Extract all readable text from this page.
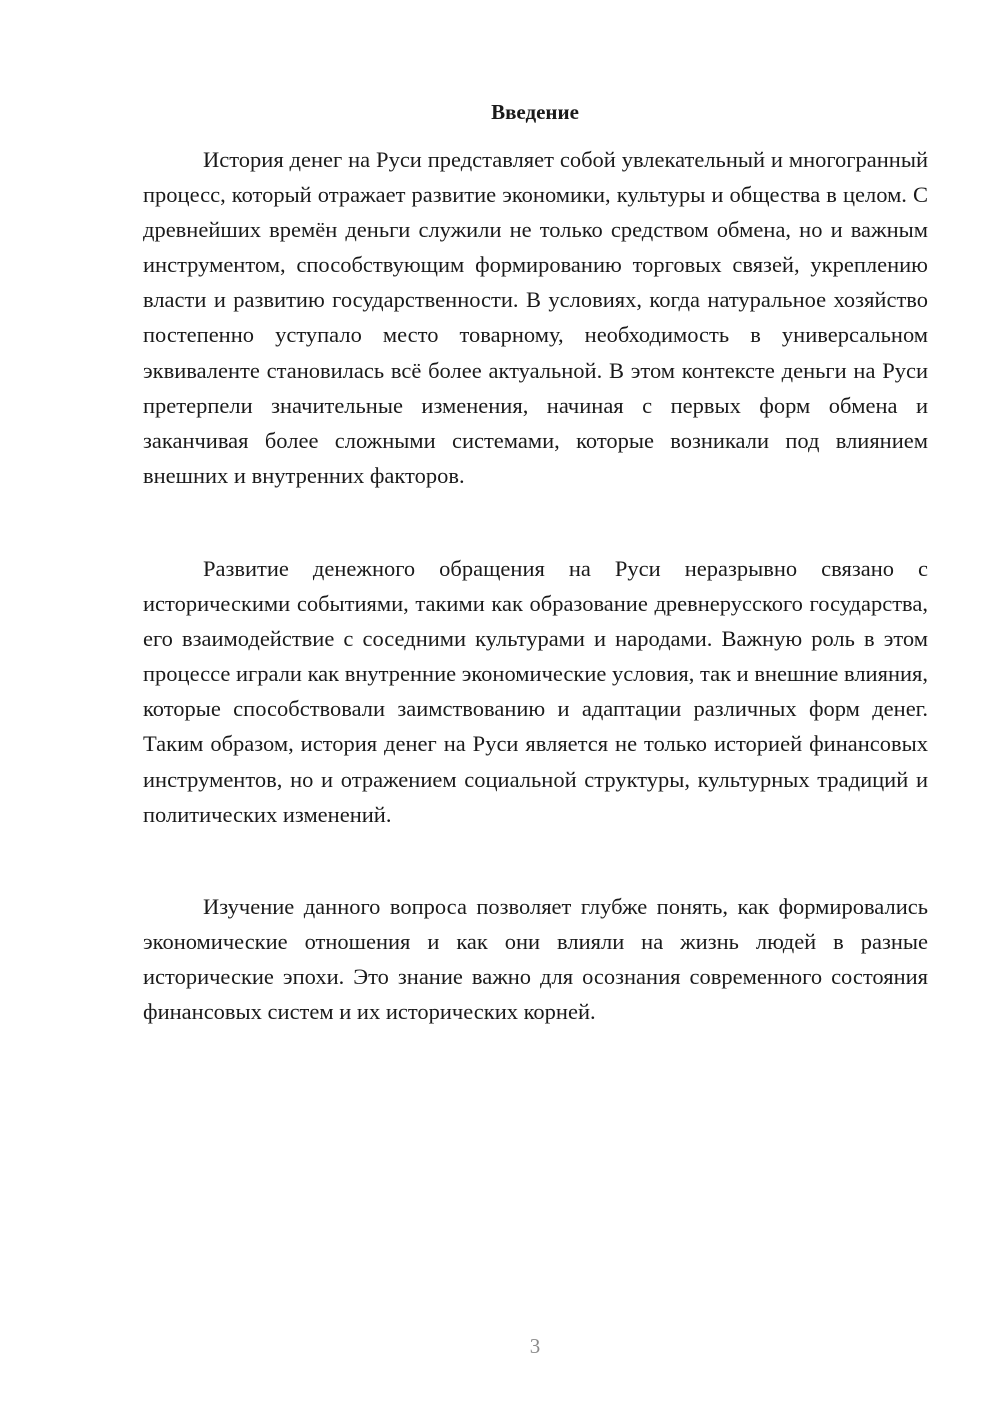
Введение

История денег на Руси представляет собой увлекательный и многогранный процесс, который отражает развитие экономики, культуры и общества в целом. С древнейших времён деньги служили не только средством обмена, но и важным инструментом, способствующим формированию торговых связей, укреплению власти и развитию государственности. В условиях, когда натуральное хозяйство постепенно уступало место товарному, необходимость в универсальном эквиваленте становилась всё более актуальной. В этом контексте деньги на Руси претерпели значительные изменения, начиная с первых форм обмена и заканчивая более сложными системами, которые возникали под влиянием внешних и внутренних факторов.

Развитие денежного обращения на Руси неразрывно связано с историческими событиями, такими как образование древнерусского государства, его взаимодействие с соседними культурами и народами. Важную роль в этом процессе играли как внутренние экономические условия, так и внешние влияния, которые способствовали заимствованию и адаптации различных форм денег. Таким образом, история денег на Руси является не только историей финансовых инструментов, но и отражением социальной структуры, культурных традиций и политических изменений.

Изучение данного вопроса позволяет глубже понять, как формировались экономические отношения и как они влияли на жизнь людей в разные исторические эпохи. Это знание важно для осознания современного состояния финансовых систем и их исторических корней.

3
